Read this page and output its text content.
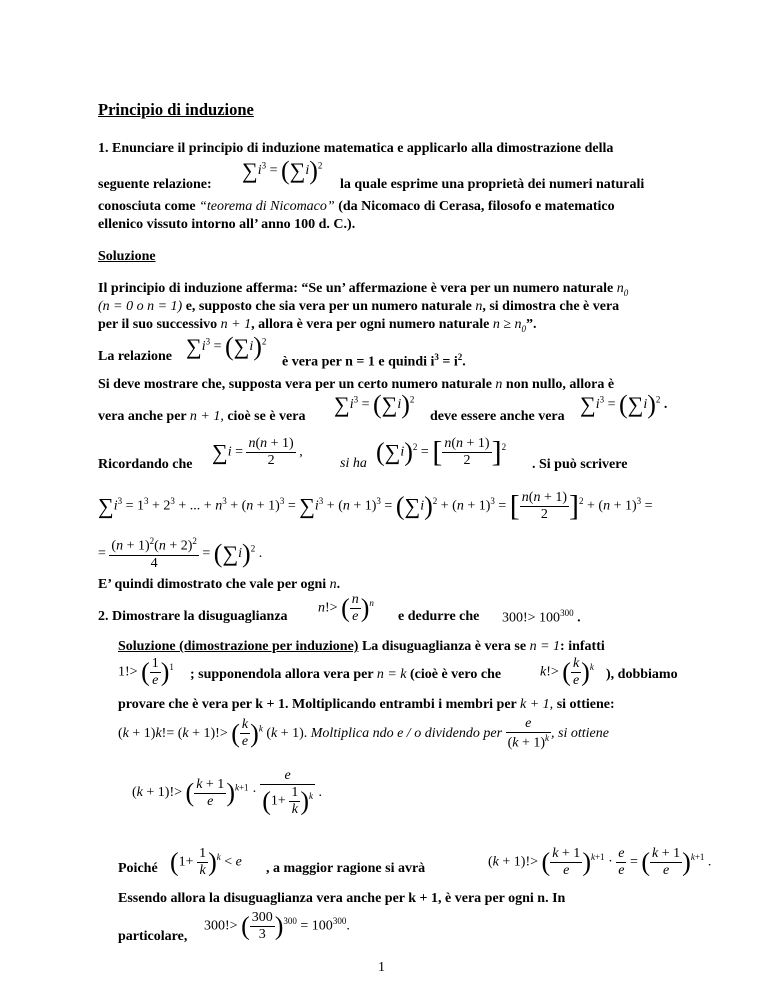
Principio di induzione
1. Enunciare il principio di induzione matematica e applicarlo alla dimostrazione della
seguente relazione:
$\sum i^3 = (\sum i)^2$
la quale esprime una proprietà dei numeri naturali
conosciuta come “teorema di Nicomaco” (da Nicomaco di Cerasa, filosofo e matematico
ellenico vissuto intorno all’ anno 100 d. C.).
Soluzione
Il principio di induzione afferma: “Se un’ affermazione è vera per un numero naturale $n_0$
(n = 0 o n = 1) e, supposto che sia vera per un numero naturale n, si dimostra che è vera
per il suo successivo n + 1, allora è vera per ogni numero naturale $n \ge n_0$”.
La relazione $\sum i^3 = (\sum i)^2$
è vera per n = 1 e quindi $i^3 = i^2$.
Si deve mostrare che, supposta vera per un certo numero naturale n non nullo, allora è
vera anche per n + 1, cioè se è vera $\sum i^3 = (\sum i)^2$
deve essere anche vera $\sum i^3 = (\sum i)^2$ .
Ricordando che $\sum i = \frac{n(n + 1)}{2}$ ,
si ha $(\sum i)^2$ = [ $\frac{n(n + 1)}{2} ]^2$
. Si può scrivere
$\sum i^3 = 1^3 + 2^3$ + ... + $n^3 + (n + 1)^3 = \sum i^3 + (n + 1)^3 = (\sum i)^2 + (n + 1)^3$ = [ $\frac{n(n + 1)}{2} ]^2 + (n + 1)^3$ =
= $\frac{(n + 1)^2(n + 2)^2}{4} = (\sum i)^2$ .
E’ quindi dimostrato che vale per ogni n.
2. Dimostrare la disuguaglianza
n!> ( $\frac{n}{e} )^n$
e dedurre che $300!> 100^{300}$ .
Soluzione (dimostrazione per induzione) La disuguaglianza è vera se n = 1: infatti
1!> ( $\frac{1}{e} )^1$ ; supponendola allora vera per n = k (cioè è vero che	k!> ( $\frac{k}{e} )^k$ ), dobbiamo
provare che è vera per k + 1. Moltiplicando entrambi i membri per k + 1, si ottiene:
(k + 1)k!= (k + 1)!> ( $\frac{k}{e} )^k$ (k + 1). Moltiplica ndo e / o dividendo per $\frac{e}{(k + 1)^k}$ , si ottiene
(k + 1)!> ( $\frac{k + 1}{e} )^{k+1} \cdot \frac{e}{(1+ \frac{1}{k} )^k}$ .
Poiché $(1+ \frac{1}{k} )^k < e$ , a maggior ragione si avrà	(k + 1)!> ( $\frac{k + 1}{e} )^{k+1} \cdot \frac{e}{e}$ = ( $\frac{k + 1}{e} )^{k+1}$ .
Essendo allora la disuguaglianza vera anche per k + 1, è vera per ogni n. In
particolare,
300!> ( $\frac{300}{3} )^{300} = 100^{300}$.
1
